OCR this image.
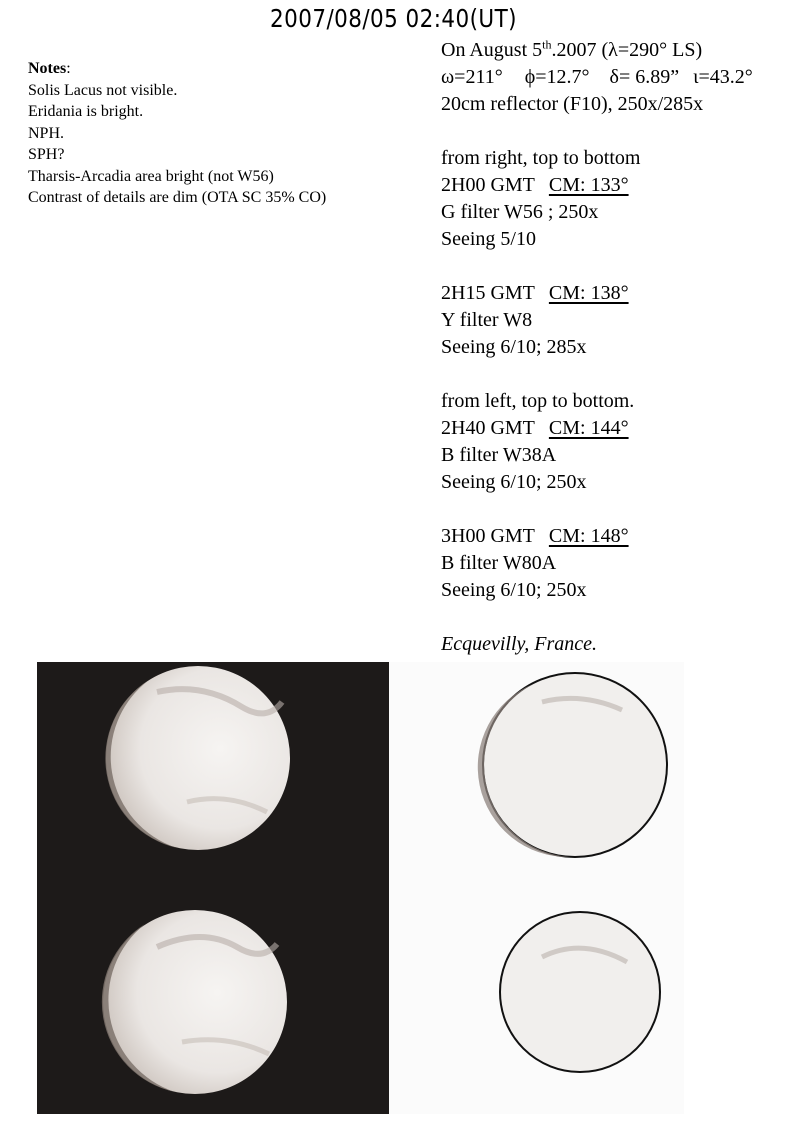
2007/08/05 02:40(UT)
Notes:
Solis Lacus not visible.
Eridania is bright.
NPH.
SPH?
Tharsis-Arcadia area bright (not W56)
Contrast of details are dim (OTA SC 35% CO)
On August 5th.2007 (λ=290° LS)
ω=211° ϕ=12.7° δ= 6.89” ι=43.2°
20cm reflector (F10), 250x/285x
from right, top to bottom
2H00 GMT CM: 133°
G filter W56 ; 250x
Seeing 5/10
2H15 GMT CM: 138°
Y filter W8
Seeing 6/10; 285x
from left, top to bottom.
2H40 GMT CM: 144°
B filter W38A
Seeing 6/10; 250x
3H00 GMT CM: 148°
B filter W80A
Seeing 6/10; 250x
Ecquevilly, France.
